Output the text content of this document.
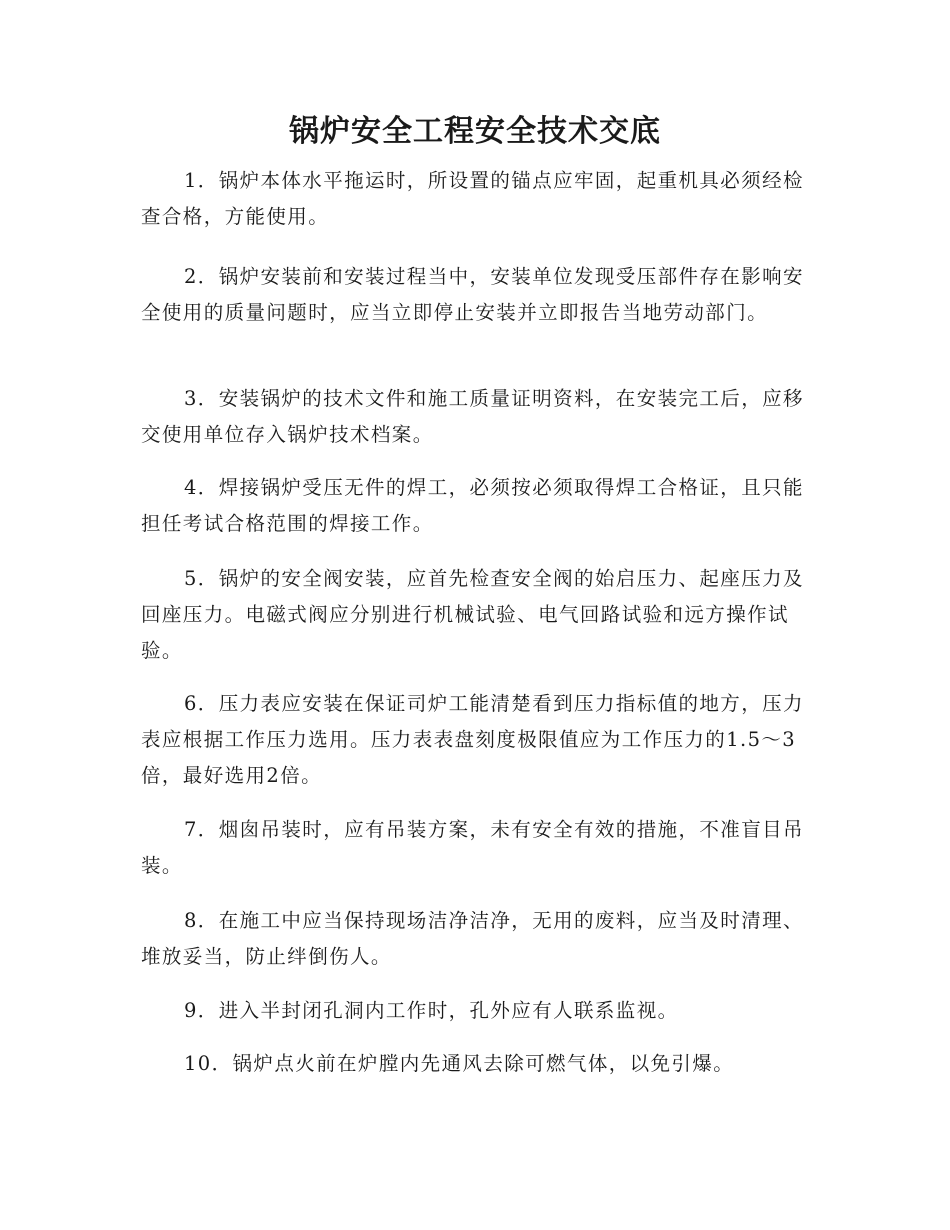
锅炉安全工程安全技术交底

1．锅炉本体水平拖运时，所设置的锚点应牢固，起重机具必须经检查合格，方能使用。

2．锅炉安装前和安装过程当中，安装单位发现受压部件存在影响安全使用的质量问题时，应当立即停止安装并立即报告当地劳动部门。

3．安装锅炉的技术文件和施工质量证明资料，在安装完工后，应移交使用单位存入锅炉技术档案。

4．焊接锅炉受压无件的焊工，必须按必须取得焊工合格证，且只能担任考试合格范围的焊接工作。

5．锅炉的安全阀安装，应首先检查安全阀的始启压力、起座压力及回座压力。电磁式阀应分别进行机械试验、电气回路试验和远方操作试验。

6．压力表应安装在保证司炉工能清楚看到压力指标值的地方，压力表应根据工作压力选用。压力表表盘刻度极限值应为工作压力的1.5～3倍，最好选用2倍。

7．烟囱吊装时，应有吊装方案，未有安全有效的措施，不准盲目吊装。

8．在施工中应当保持现场洁净洁净，无用的废料，应当及时清理、堆放妥当，防止绊倒伤人。

9．进入半封闭孔洞内工作时，孔外应有人联系监视。

10．锅炉点火前在炉膛内先通风去除可燃气体，以免引爆。
